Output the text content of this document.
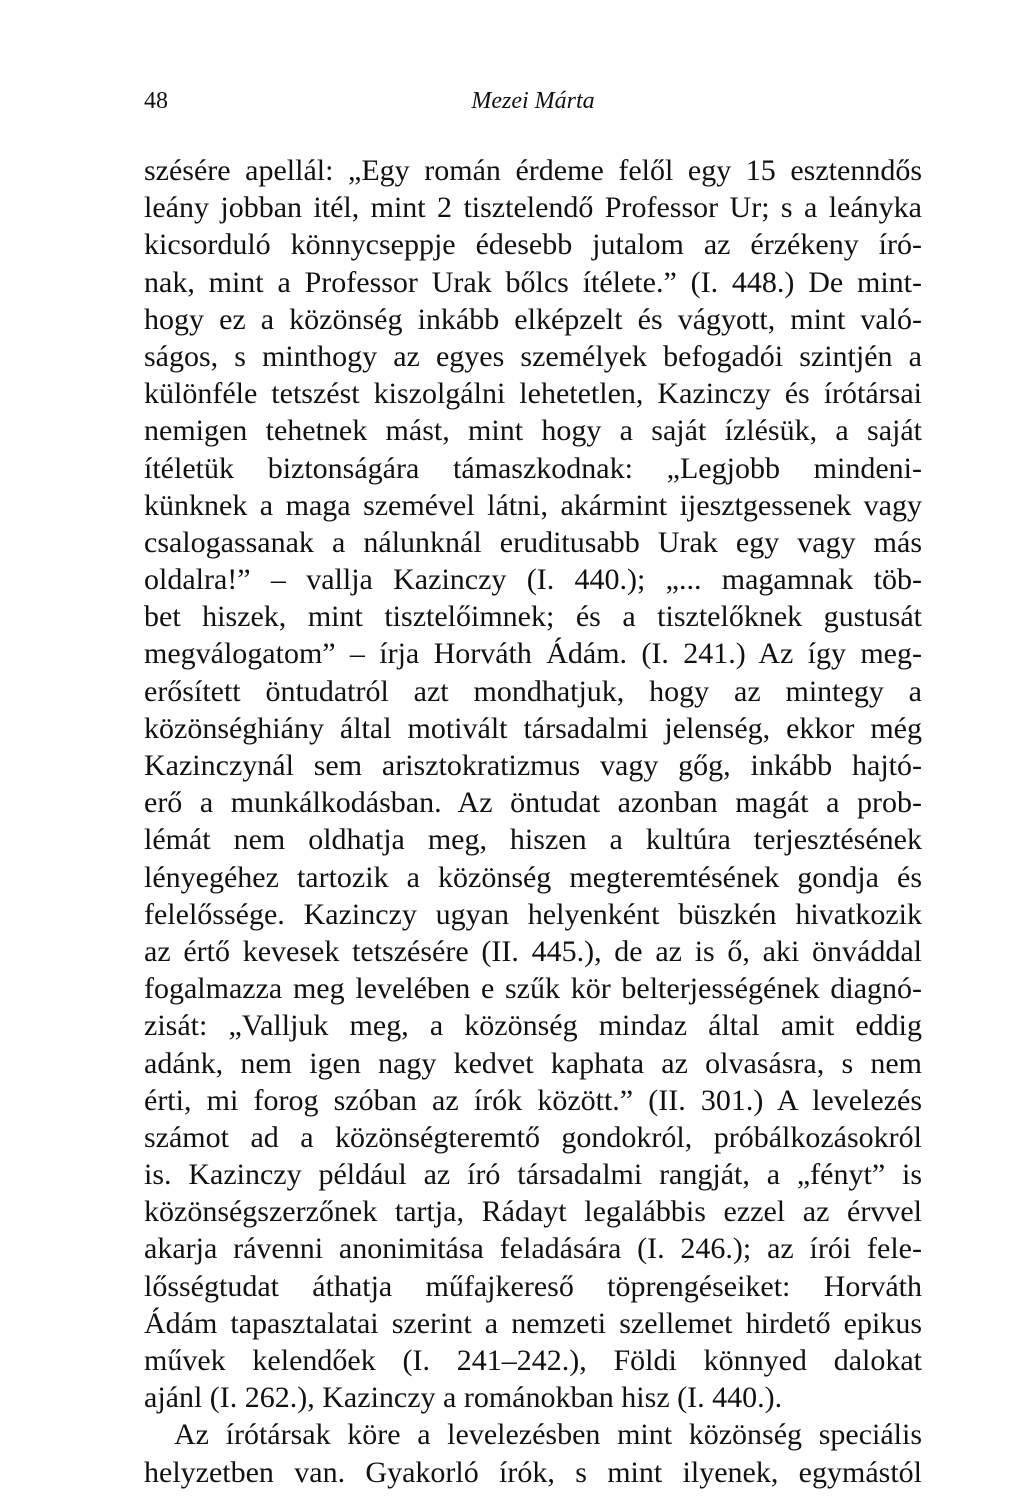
48	Mezei Márta
szésére apellál: „Egy román érdeme felől egy 15 esztenndős
leány jobban itél, mint 2 tisztelendő Professor Ur; s a leányka
kicsorduló könnycseppje édesebb jutalom az érzékeny író-
nak, mint a Professor Urak bőlcs ítélete.” (I. 448.) De mint-
hogy ez a közönség inkább elképzelt és vágyott, mint való-
ságos, s minthogy az egyes személyek befogadói szintjén a
különféle tetszést kiszolgálni lehetetlen, Kazinczy és írótársai
nemigen tehetnek mást, mint hogy a saját ízlésük, a saját
ítéletük biztonságára támaszkodnak: „Legjobb mindeni-
künknek a maga szemével látni, akármint ijesztgessenek vagy
csalogassanak a nálunknál eruditusabb Urak egy vagy más
oldalra!” – vallja Kazinczy (I. 440.); „... magamnak töb-
bet hiszek, mint tisztelőimnek; és a tisztelőknek gustusát
megválogatom” – írja Horváth Ádám. (I. 241.) Az így meg-
erősített öntudatról azt mondhatjuk, hogy az mintegy a
közönséghiány által motivált társadalmi jelenség, ekkor még
Kazinczynál sem arisztokratizmus vagy gőg, inkább hajtó-
erő a munkálkodásban. Az öntudat azonban magát a prob-
lémát nem oldhatja meg, hiszen a kultúra terjesztésének
lényegéhez tartozik a közönség megteremtésének gondja és
felelőssége. Kazinczy ugyan helyenként büszkén hivatkozik
az értő kevesek tetszésére (II. 445.), de az is ő, aki önváddal
fogalmazza meg levelében e szűk kör belterjességének diagnó-
zisát: „Valljuk meg, a közönség mindaz által amit eddig
adánk, nem igen nagy kedvet kaphata az olvasásra, s nem
érti, mi forog szóban az írók között.” (II. 301.) A levelezés
számot ad a közönségteremtő gondokról, próbálkozásokról
is. Kazinczy például az író társadalmi rangját, a „fényt” is
közönségszerzőnek tartja, Rádayt legalábbis ezzel az érvvel
akarja rávenni anonimitása feladására (I. 246.); az írói fele-
lősségtudat áthatja műfajkereső töprengéseiket: Horváth
Ádám tapasztalatai szerint a nemzeti szellemet hirdető epikus
művek kelendőek (I. 241–242.), Földi könnyed dalokat
ajánl (I. 262.), Kazinczy a románokban hisz (I. 440.).
Az írótársak köre a levelezésben mint közönség speciális
helyzetben van. Gyakorló írók, s mint ilyenek, egymástól
